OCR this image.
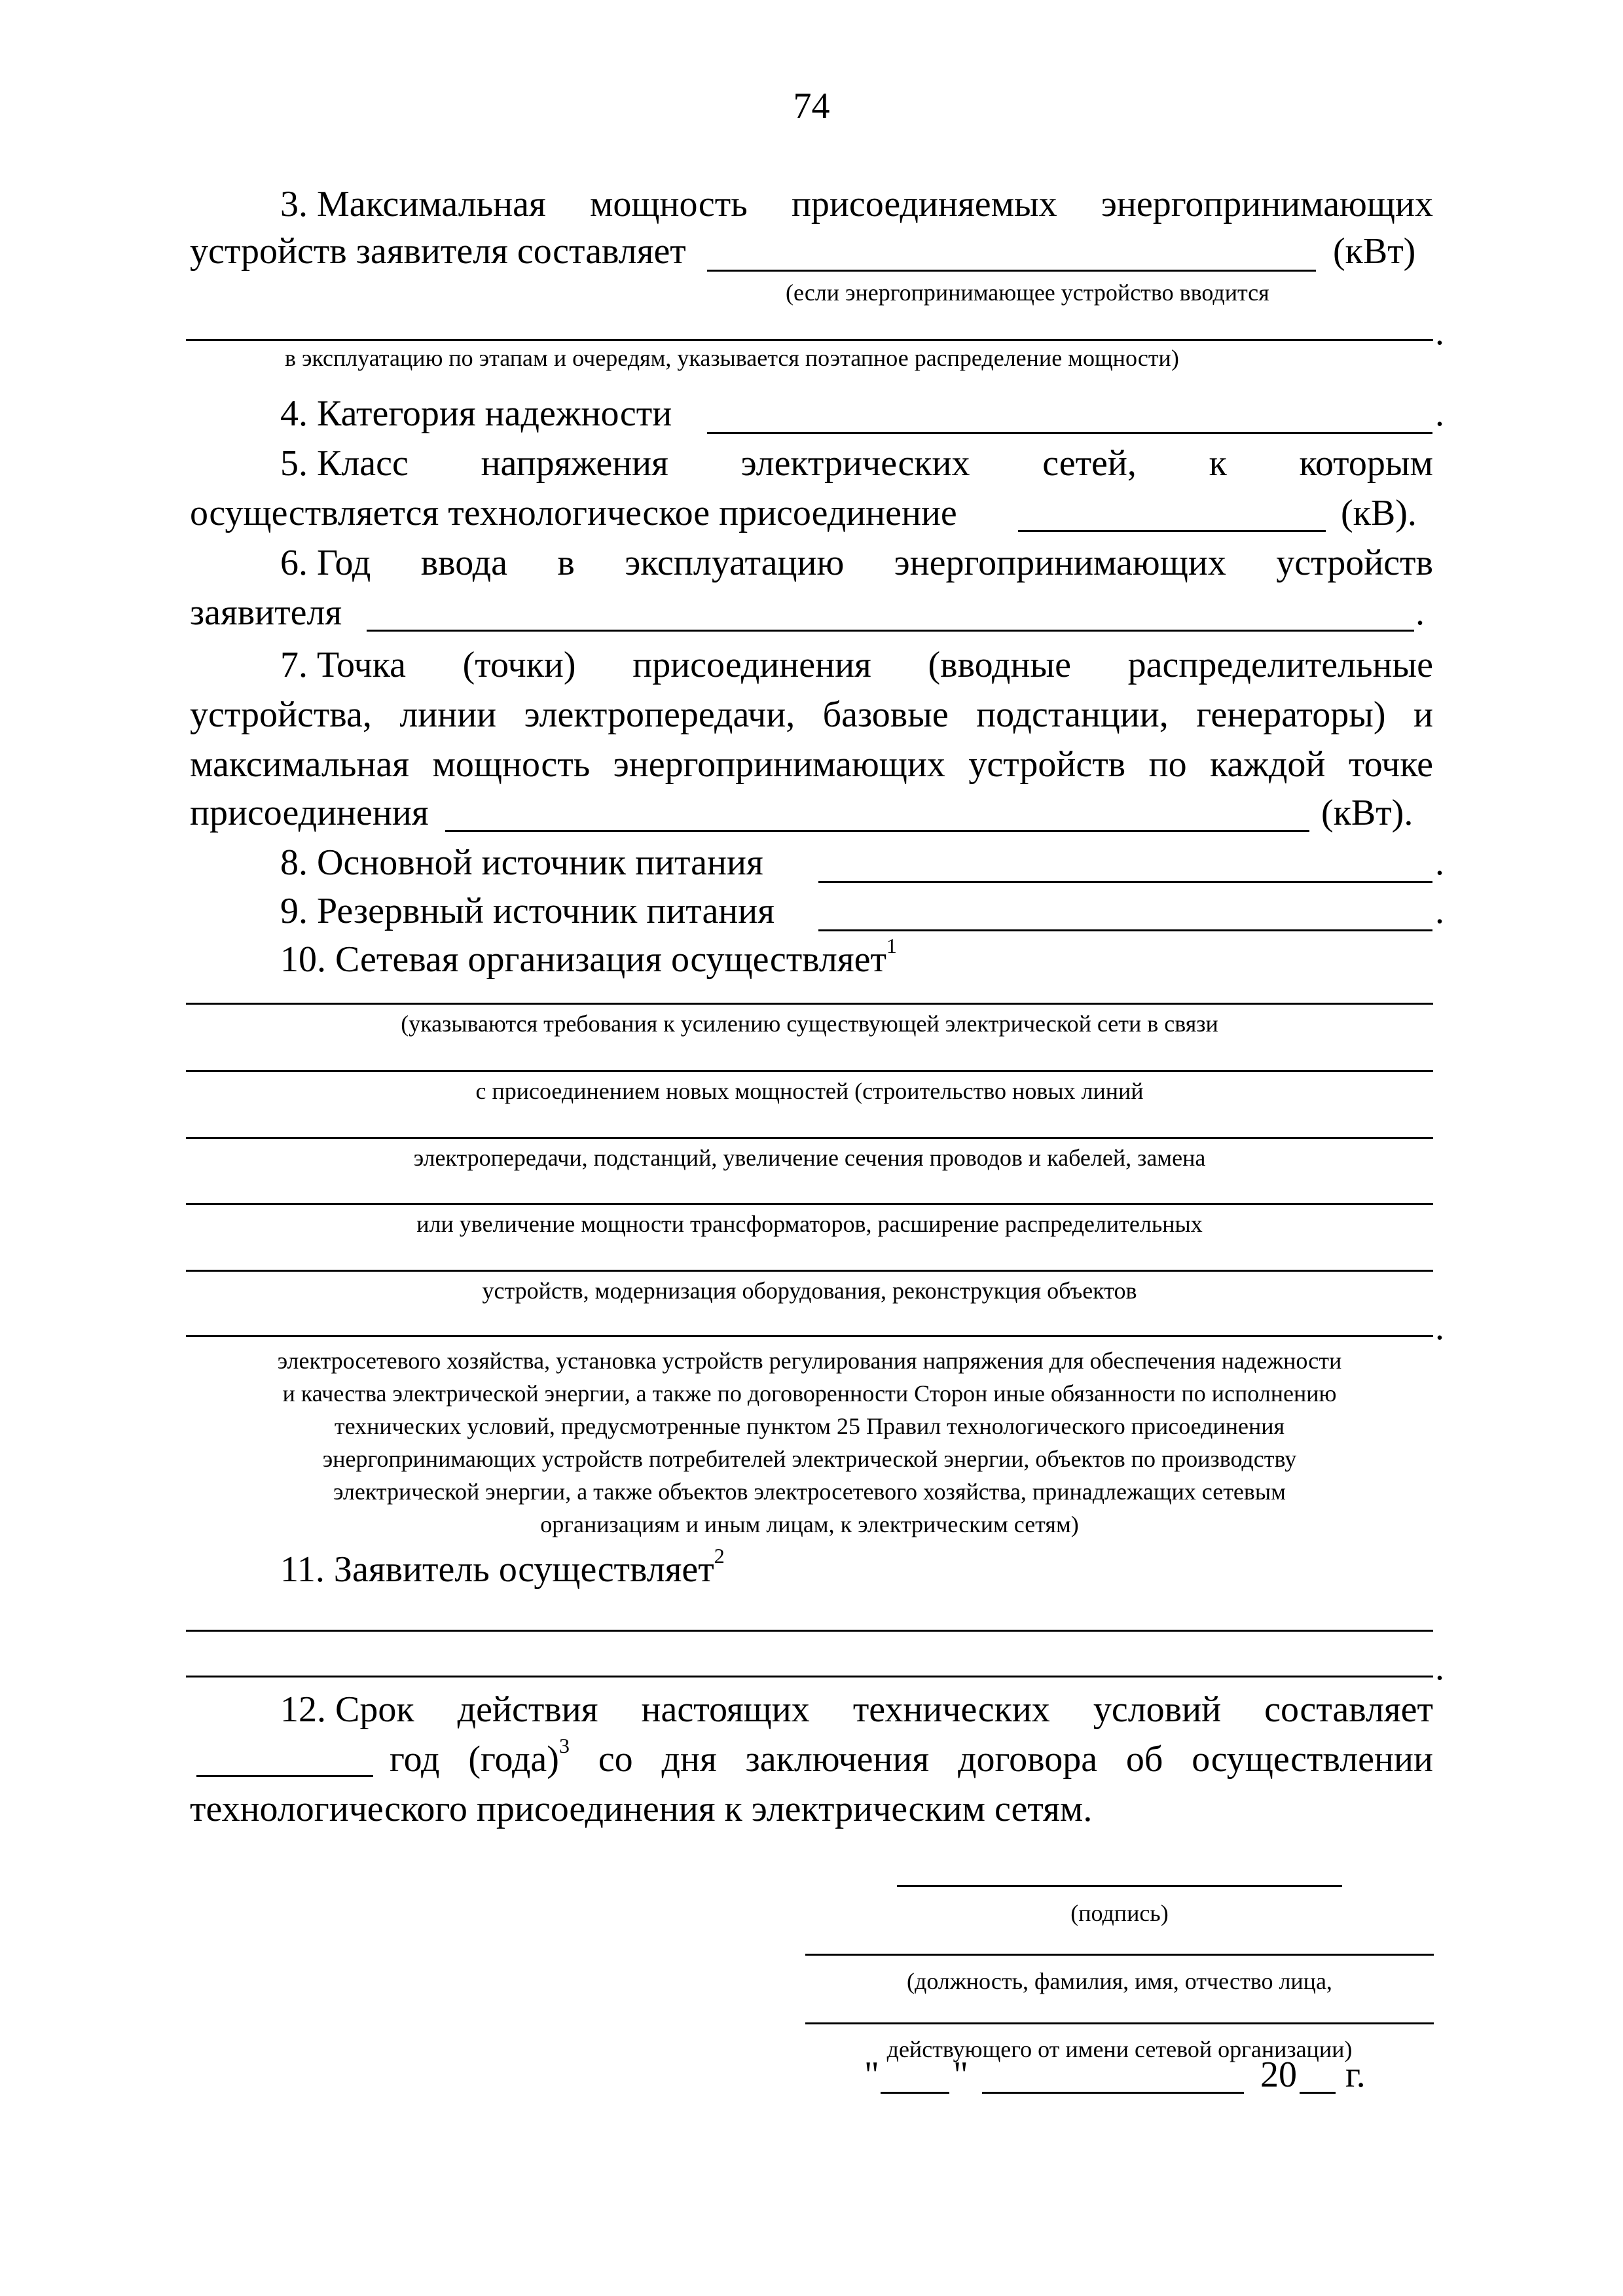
74
3. Максимальная мощность присоединяемых энергопринимающих
устройств заявителя составляет	(кВт)
(если энергопринимающее устройство вводится
.
в эксплуатацию по этапам и очередям, указывается поэтапное распределение мощности)
4. Категория надежности	.
5. Класс напряжения электрических сетей, к которым
осуществляется технологическое присоединение	(кВ).
6. Год ввода в эксплуатацию энергопринимающих устройств
заявителя	.
7. Точка (точки) присоединения (вводные распределительные
устройства, линии электропередачи, базовые подстанции, генераторы) и
максимальная мощность энергопринимающих устройств по каждой точке
присоединения	(кВт).
8. Основной источник питания	.
9. Резервный источник питания	.
10. Сетевая организация осуществляет$^1$
(указываются требования к усилению существующей электрической сети в связи
с присоединением новых мощностей (строительство новых линий
электропередачи, подстанций, увеличение сечения проводов и кабелей, замена
или увеличение мощности трансформаторов, расширение распределительных
устройств, модернизация оборудования, реконструкция объектов
.
электросетевого хозяйства, установка устройств регулирования напряжения для обеспечения надежности
и качества электрической энергии, а также по договоренности Сторон иные обязанности по исполнению
технических условий, предусмотренные пунктом 25 Правил технологического присоединения
энергопринимающих устройств потребителей электрической энергии, объектов по производству
электрической энергии, а также объектов электросетевого хозяйства, принадлежащих сетевым
организациям и иным лицам, к электрическим сетям)
11. Заявитель осуществляет$^2$
.
12. Срок действия настоящих технических условий составляет
год (года)$^3$ со дня заключения договора об осуществлении
технологического присоединения к электрическим сетям.
(подпись)
(должность, фамилия, имя, отчество лица,
действующего от имени сетевой организации)
" "	20 г.
